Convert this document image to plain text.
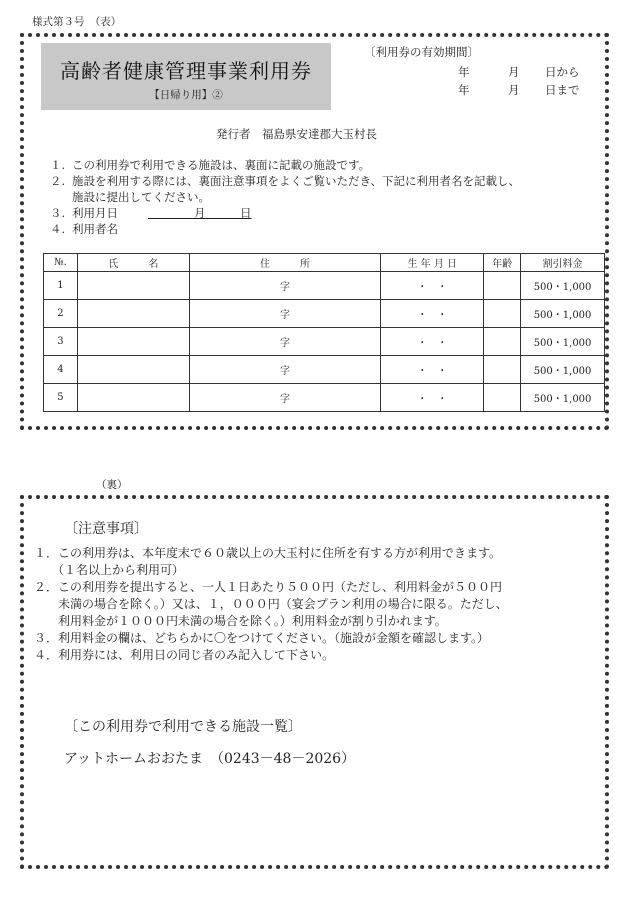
様式第３号　（表）
高齢者健康管理事業利用券
【日帰り用】②
〔利用券の有効期間〕
年	月 日から
年	月 日まで
発行者　福島県安達郡大玉村長
１. この利用券で利用できる施設は、裏面に記載の施設です。
２. 施設を利用する際には、裏面注意事項をよくご覧いただき、下記に利用者名を記載し、
施設に提出してください。
３. 利用月日    	月   	日
４. 利用者名
№.	氏　　　名	住　　　所	生 年 月 日	年齢	割引料金
1		字	・　・		500・1,000
2		字	・　・		500・1,000
3		字	・　・		500・1,000
4		字	・　・		500・1,000
5		字	・　・		500・1,000
（裏）
〔注意事項〕
１．この利用券は、本年度末で６０歳以上の大玉村に住所を有する方が利用できます。
　　（１名以上から利用可）
２．この利用券を提出すると、一人１日あたり５００円（ただし、利用料金が５００円
　　未満の場合を除く。）又は、１，０００円（宴会プラン利用の場合に限る。ただし、
　　利用料金が１０００円未満の場合を除く。）利用料金が割り引かれます。
３．利用料金の欄は、どちらかに〇をつけてください。（施設が金額を確認します。）
４．利用券には、利用日の同じ者のみ記入して下さい。
〔この利用券で利用できる施設一覧〕
アットホームおおたま　（0243－48－2026）
